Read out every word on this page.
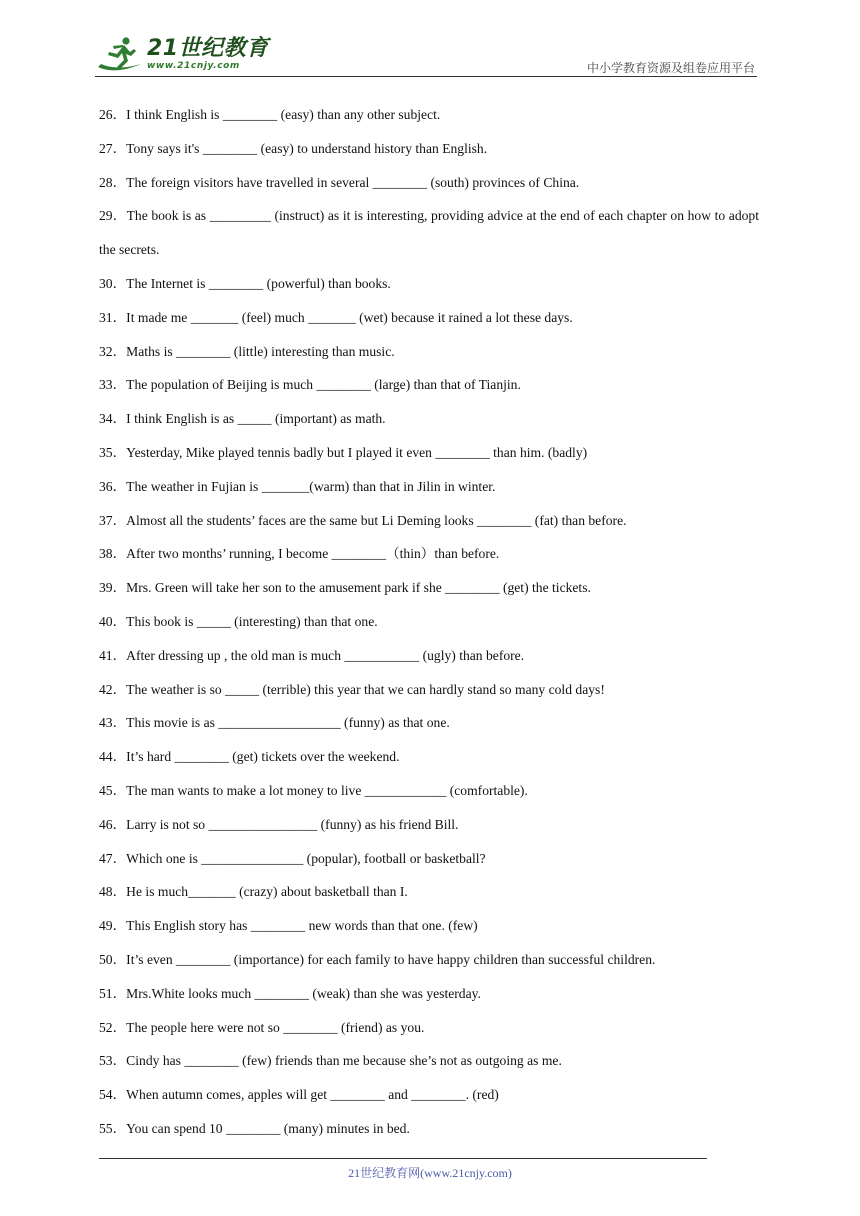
21世纪教育
www.21cnjy.com	中小学教育资源及组卷应用平台
26．I think English is ________ (easy) than any other subject.
27．Tony says it's ________ (easy) to understand history than English.
28．The foreign visitors have travelled in several ________ (south) provinces of China.
29．The book is as _________ (instruct) as it is interesting, providing advice at the end of each chapter on how to adopt the secrets.
30．The Internet is ________ (powerful) than books.
31．It made me _______ (feel) much _______ (wet) because it rained a lot these days.
32．Maths is ________ (little) interesting than music.
33．The population of Beijing is much ________ (large) than that of Tianjin.
34．I think English is as _____ (important) as math.
35．Yesterday, Mike played tennis badly but I played it even ________ than him. (badly)
36．The weather in Fujian is _______(warm) than that in Jilin in winter.
37．Almost all the students’ faces are the same but Li Deming looks ________ (fat) than before.
38．After two months’ running, I become ________（thin）than before.
39．Mrs. Green will take her son to the amusement park if she ________ (get) the tickets.
40．This book is _____ (interesting) than that one.
41．After dressing up , the old man is much ___________ (ugly) than before.
42．The weather is so _____ (terrible) this year that we can hardly stand so many cold days!
43．This movie is as __________________ (funny) as that one.
44．It’s hard ________ (get) tickets over the weekend.
45．The man wants to make a lot money to live ____________ (comfortable).
46．Larry is not so ________________ (funny) as his friend Bill.
47．Which one is _______________ (popular), football or basketball?
48．He is much_______ (crazy) about basketball than I.
49．This English story has ________ new words than that one. (few)
50．It’s even ________ (importance) for each family to have happy children than successful children.
51．Mrs.White looks much ________ (weak) than she was yesterday.
52．The people here were not so ________ (friend) as you.
53．Cindy has ________ (few) friends than me because she’s not as outgoing as me.
54．When autumn comes, apples will get ________ and ________. (red)
55．You can spend 10 ________ (many) minutes in bed.
21世纪教育网(www.21cnjy.com)
